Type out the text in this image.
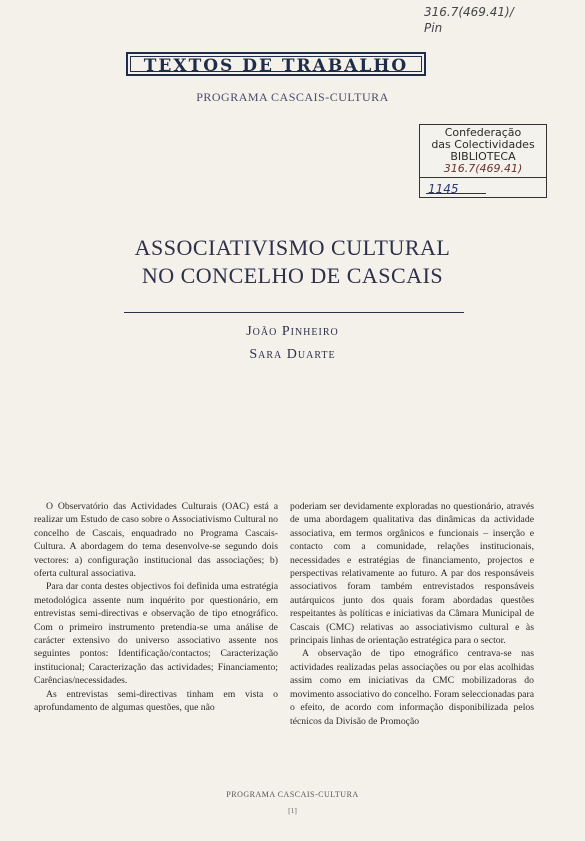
316.7(469.41)/
Pin
TEXTOS DE TRABALHO
PROGRAMA CASCAIS-CULTURA
Confederação
das Colectividades
BIBLIOTECA
316.7(469.41)
1145
ASSOCIATIVISMO CULTURAL
NO CONCELHO DE CASCAIS
João Pinheiro
Sara Duarte

O Observatório das Actividades Culturais (OAC) está a realizar um Estudo de caso sobre o Associativismo Cultural no concelho de Cascais, enquadrado no Programa Cascais-Cultura. A abordagem do tema desenvolve-se segundo dois vectores: a) configuração institucional das associações; b) oferta cultural associativa.

Para dar conta destes objectivos foi definida uma estratégia metodológica assente num inquérito por questionário, em entrevistas semi-directivas e observação de tipo etnográfico. Com o primeiro instrumento pretendia-se uma análise de carácter extensivo do universo associativo assente nos seguintes pontos: Identificação/contactos; Caracterização institucional; Caracterização das actividades; Financiamento; Carências/necessidades.

As entrevistas semi-directivas tinham em vista o aprofundamento de algumas questões, que não

poderiam ser devidamente exploradas no questionário, através de uma abordagem qualitativa das dinâmicas da actividade associativa, em termos orgânicos e funcionais – inserção e contacto com a comunidade, relações institucionais, necessidades e estratégias de financiamento, projectos e perspectivas relativamente ao futuro. A par dos responsáveis associativos foram também entrevistados responsáveis autárquicos junto dos quais foram abordadas questões respeitantes às políticas e iniciativas da Câmara Municipal de Cascais (CMC) relativas ao associativismo cultural e às principais linhas de orientação estratégica para o sector.

A observação de tipo etnográfico centrava-se nas actividades realizadas pelas associações ou por elas acolhidas assim como em iniciativas da CMC mobilizadoras do movimento associativo do concelho. Foram seleccionadas para o efeito, de acordo com informação disponibilizada pelos técnicos da Divisão de Promoção

PROGRAMA CASCAIS-CULTURA
[1]
